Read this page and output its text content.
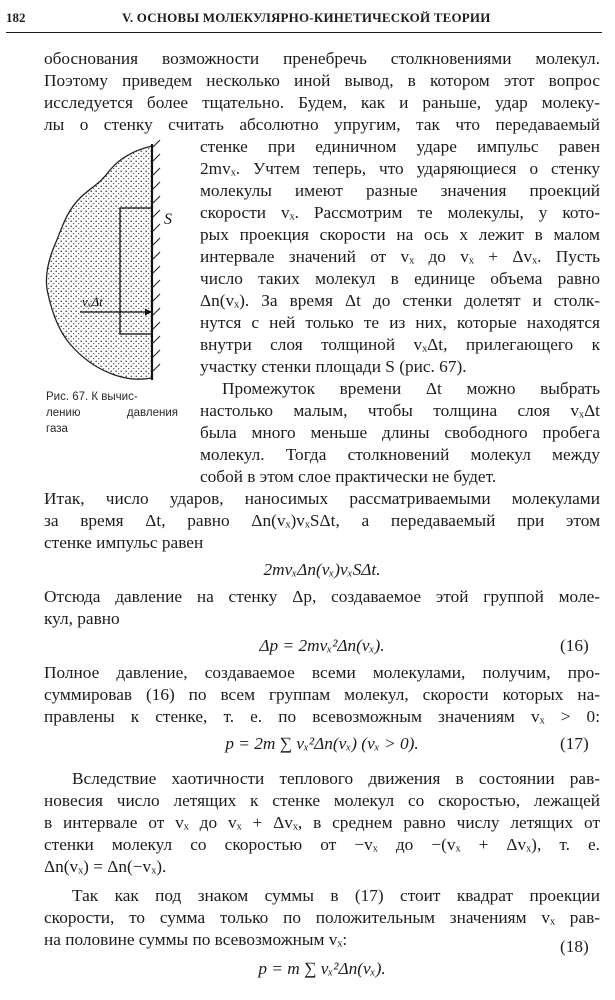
182	V. ОСНОВЫ МОЛЕКУЛЯРНО-КИНЕТИЧЕСКОЙ ТЕОРИИ
S
vₓΔt
Рис. 67. К вычис-
лению давления
газа
обоснования возможности пренебречь столкновениями молекул.
Поэтому приведем несколько иной вывод, в котором этот вопрос
исследуется более тщательно. Будем, как и раньше, удар молеку-
лы о стенку считать абсолютно упругим, так что передаваемый
стенке при единичном ударе импульс равен
2mvₓ. Учтем теперь, что ударяющиеся о стенку
молекулы имеют разные значения проекций
скорости vₓ. Рассмотрим те молекулы, у кото-
рых проекция скорости на ось x лежит в малом
интервале значений от vₓ до vₓ + Δvₓ. Пусть
число таких молекул в единице объема равно
Δn(vₓ). За время Δt до стенки долетят и столк-
нутся с ней только те из них, которые находятся
внутри слоя толщиной vₓΔt, прилегающего к
участку стенки площади S (рис. 67).
Промежуток времени Δt можно выбрать
настолько малым, чтобы толщина слоя vₓΔt
была много меньше длины свободного пробега
молекул. Тогда столкновений молекул между
собой в этом слое практически не будет.
Итак, число ударов, наносимых рассматриваемыми молекулами
за время Δt, равно Δn(vₓ)vₓSΔt, а передаваемый при этом
стенке импульс равен
2mvₓΔn(vₓ)vₓSΔt.
Отсюда давление на стенку Δp, создаваемое этой группой моле-
кул, равно
Δp = 2mvₓ²Δn(vₓ).	(16)
Полное давление, создаваемое всеми молекулами, получим, про-
суммировав (16) по всем группам молекул, скорости которых на-
правлены к стенке, т. е. по всевозможным значениям vₓ > 0:
p = 2m ∑ vₓ²Δn(vₓ) (vₓ > 0).	(17)
Вследствие хаотичности теплового движения в состоянии рав-
новесия число летящих к стенке молекул со скоростью, лежащей
в интервале от vₓ до vₓ + Δvₓ, в среднем равно числу летящих от
стенки молекул со скоростью от −vₓ до −(vₓ + Δvₓ), т. е.
Δn(vₓ) = Δn(−vₓ).
Так как под знаком суммы в (17) стоит квадрат проекции
скорости, то сумма только по положительным значениям vₓ рав-
на половине суммы по всевозможным vₓ:	(18)
p = m ∑ vₓ²Δn(vₓ).
